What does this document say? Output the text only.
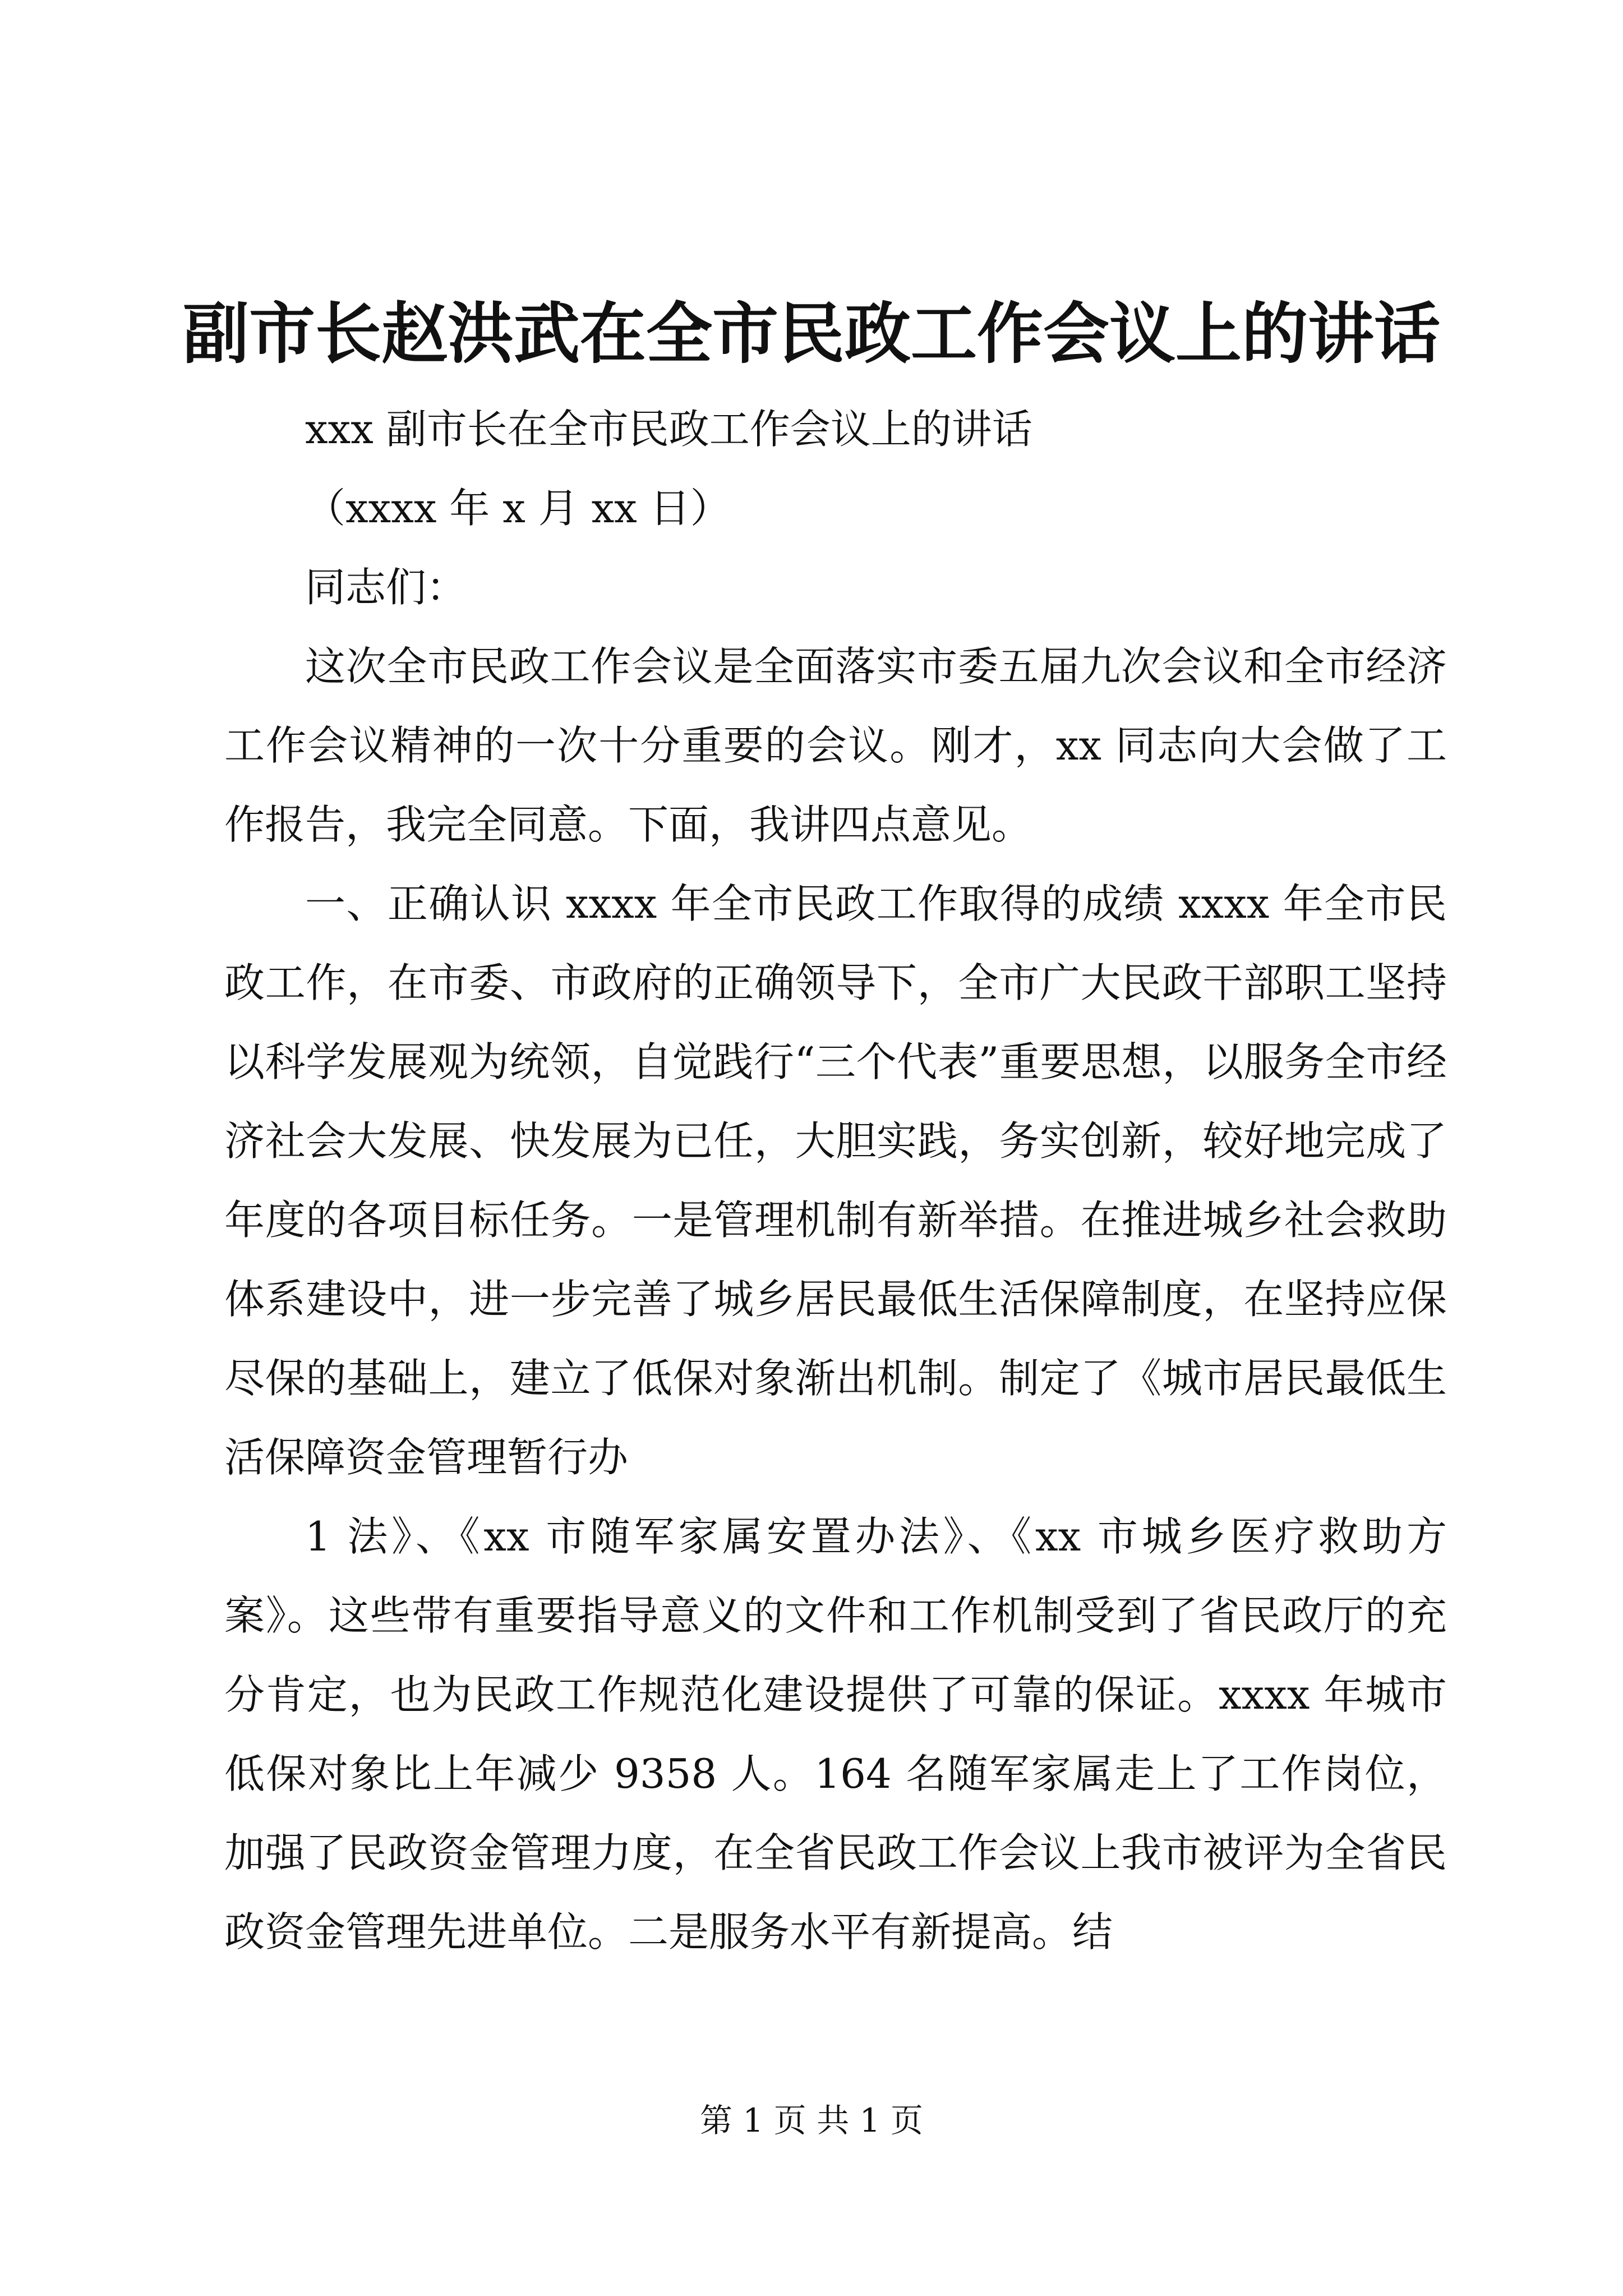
副市长赵洪武在全市民政工作会议上的讲话

xxx 副市长在全市民政工作会议上的讲话

（xxxx 年 x 月 xx 日）

同志们：

这次全市民政工作会议是全面落实市委五届九次会议和全市经济工作会议精神的一次十分重要的会议。刚才，xx 同志向大会做了工作报告，我完全同意。下面，我讲四点意见。

一、正确认识 xxxx 年全市民政工作取得的成绩 xxxx 年全市民政工作，在市委、市政府的正确领导下，全市广大民政干部职工坚持以科学发展观为统领，自觉践行“三个代表”重要思想，以服务全市经济社会大发展、快发展为已任，大胆实践，务实创新，较好地完成了年度的各项目标任务。一是管理机制有新举措。在推进城乡社会救助体系建设中，进一步完善了城乡居民最低生活保障制度，在坚持应保尽保的基础上，建立了低保对象渐出机制。制定了《城市居民最低生活保障资金管理暂行办

1 法》、《xx 市随军家属安置办法》、《xx 市城乡医疗救助方案》。这些带有重要指导意义的文件和工作机制受到了省民政厅的充分肯定，也为民政工作规范化建设提供了可靠的保证。xxxx 年城市低保对象比上年减少 9358 人。164 名随军家属走上了工作岗位，加强了民政资金管理力度，在全省民政工作会议上我市被评为全省民政资金管理先进单位。二是服务水平有新提高。结

第 1 页 共 1 页
